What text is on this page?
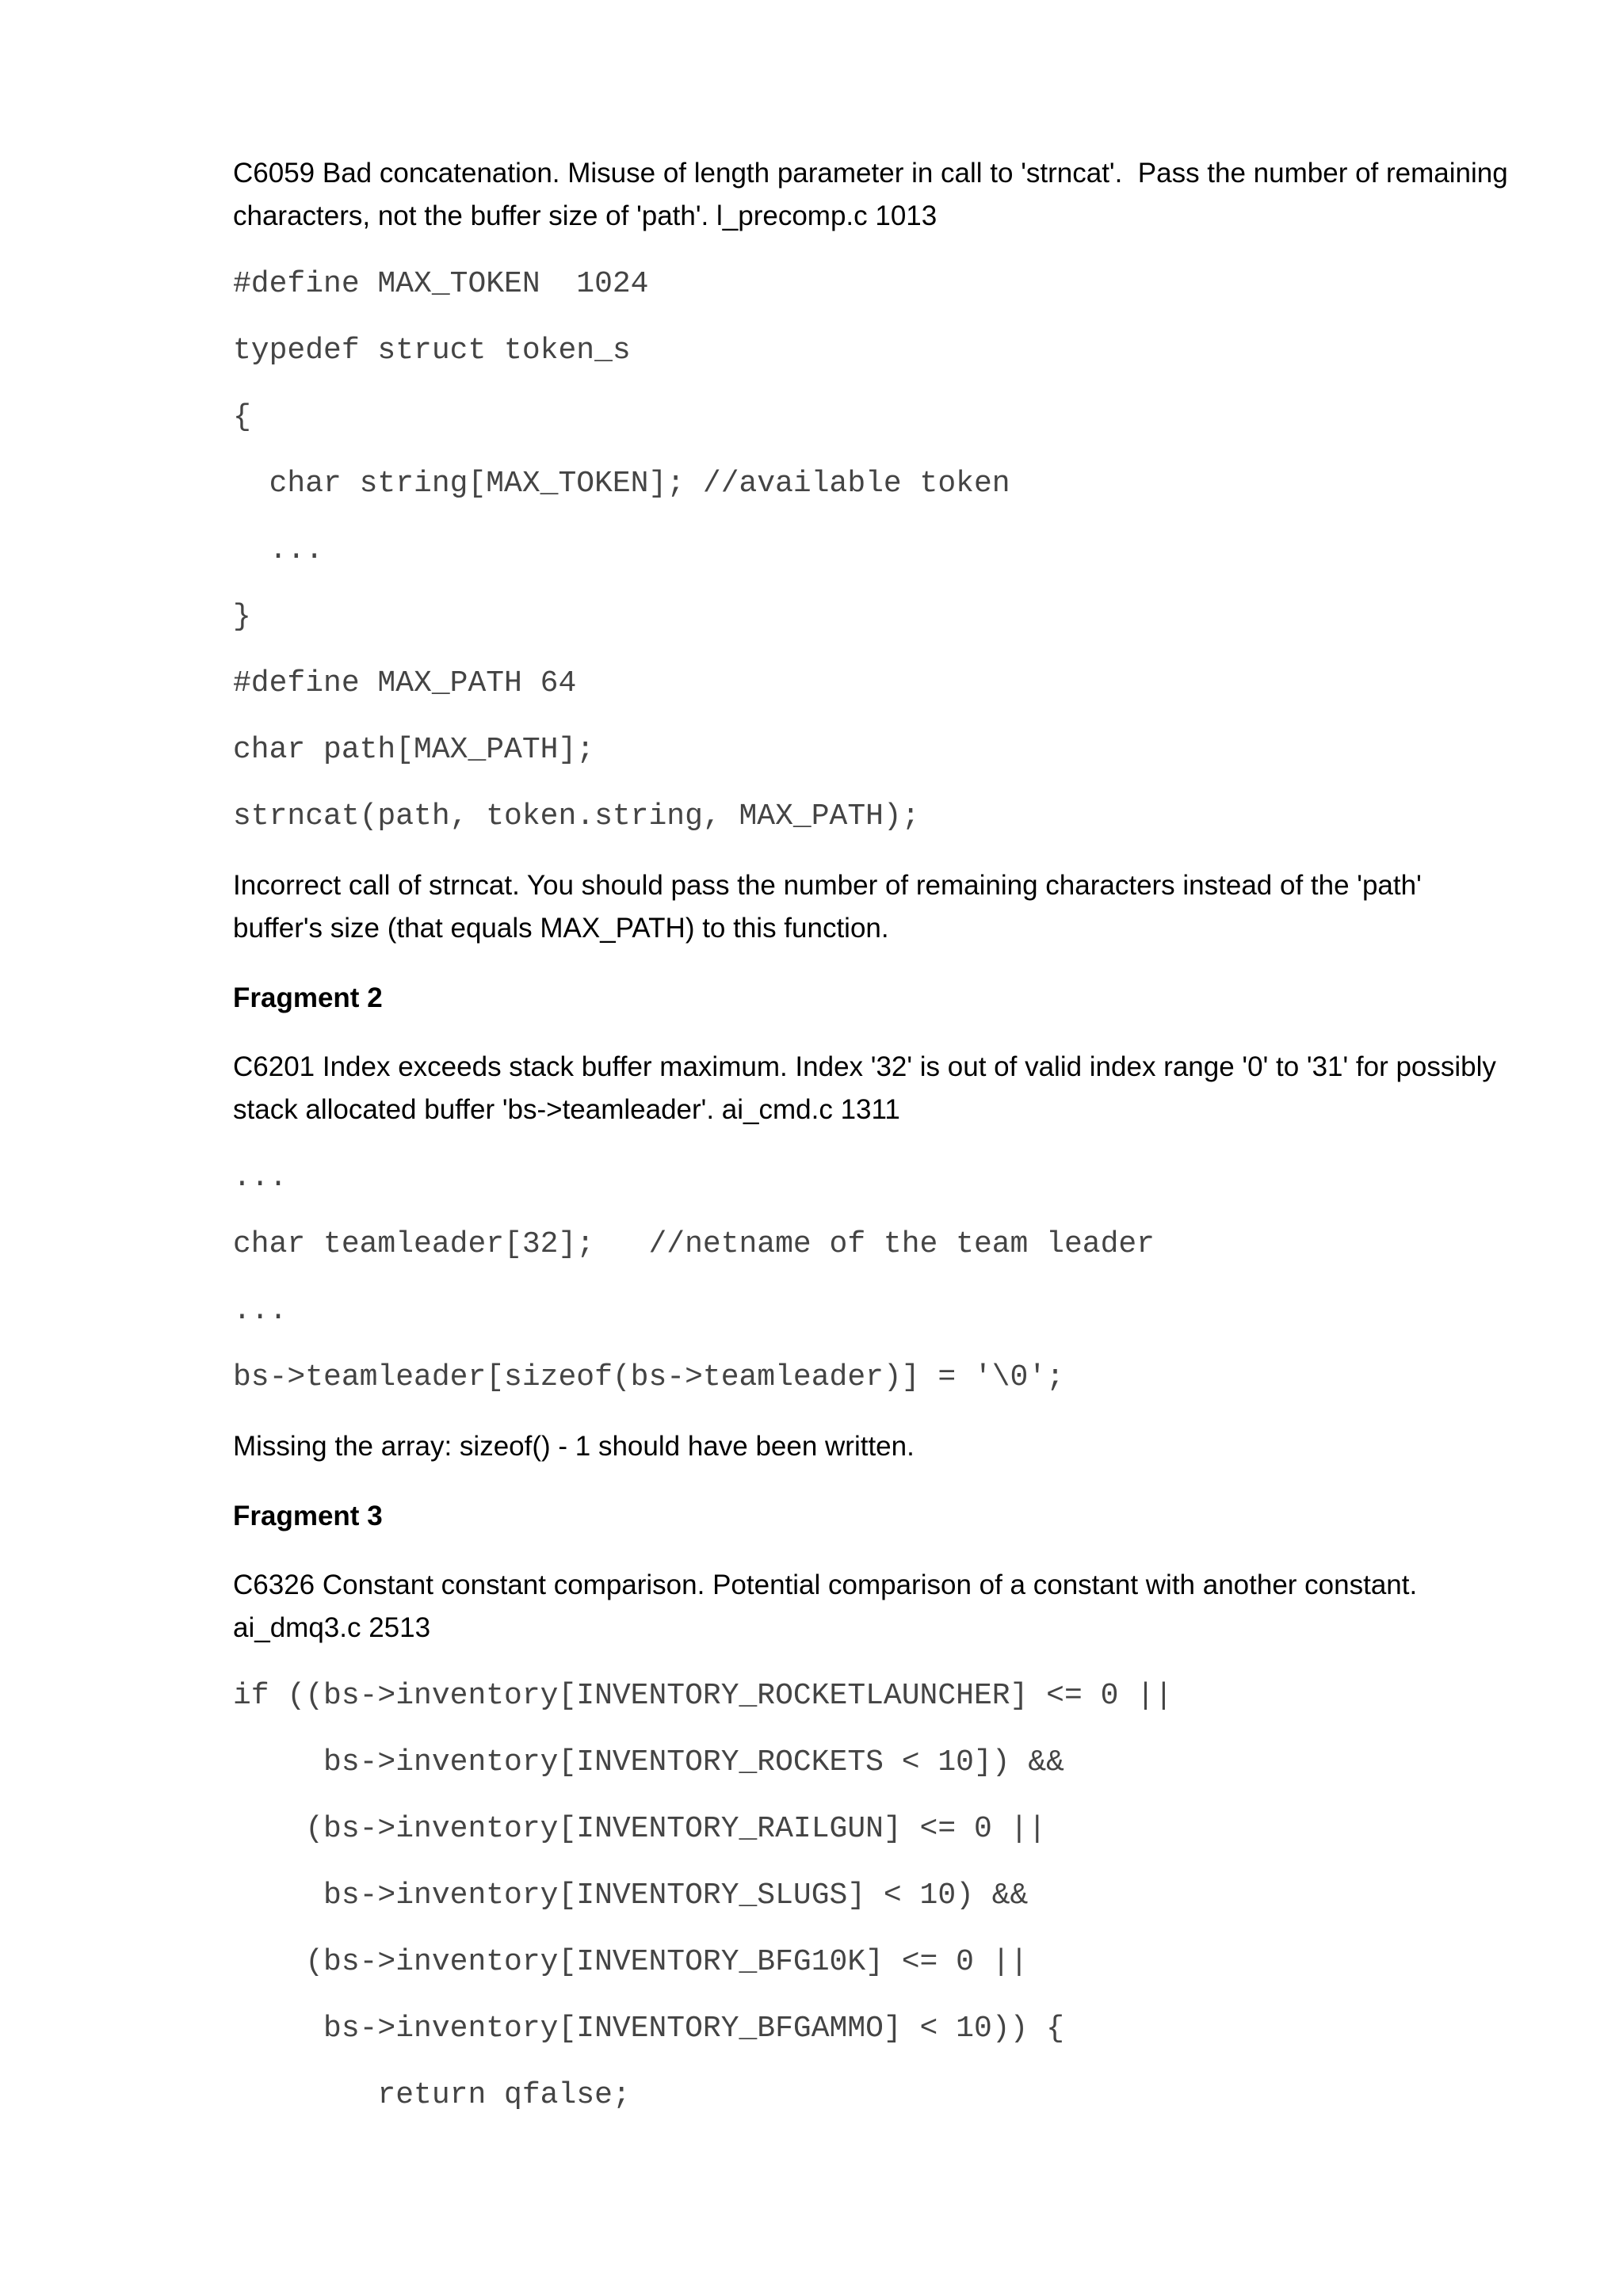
C6059 Bad concatenation. Misuse of length parameter in call to 'strncat'.  Pass the number of remaining

characters, not the buffer size of 'path'. l_precomp.c 1013

#define MAX_TOKEN  1024

typedef struct token_s

{

char string[MAX_TOKEN]; //available token

...

}

#define MAX_PATH 64

char path[MAX_PATH];

strncat(path, token.string, MAX_PATH);

Incorrect call of strncat. You should pass the number of remaining characters instead of the 'path'

buffer's size (that equals MAX_PATH) to this function.

Fragment 2

C6201 Index exceeds stack buffer maximum. Index '32' is out of valid index range '0' to '31' for possibly

stack allocated buffer 'bs->teamleader'. ai_cmd.c 1311

...

char teamleader[32];   //netname of the team leader

...

bs->teamleader[sizeof(bs->teamleader)] = '\0';

Missing the array: sizeof() - 1 should have been written.

Fragment 3

C6326 Constant constant comparison. Potential comparison of a constant with another constant.

ai_dmq3.c 2513

if ((bs->inventory[INVENTORY_ROCKETLAUNCHER] <= 0 ||

bs->inventory[INVENTORY_ROCKETS < 10]) &&

(bs->inventory[INVENTORY_RAILGUN] <= 0 ||

bs->inventory[INVENTORY_SLUGS] < 10) &&

(bs->inventory[INVENTORY_BFG10K] <= 0 ||

bs->inventory[INVENTORY_BFGAMMO] < 10)) {

return qfalse;
